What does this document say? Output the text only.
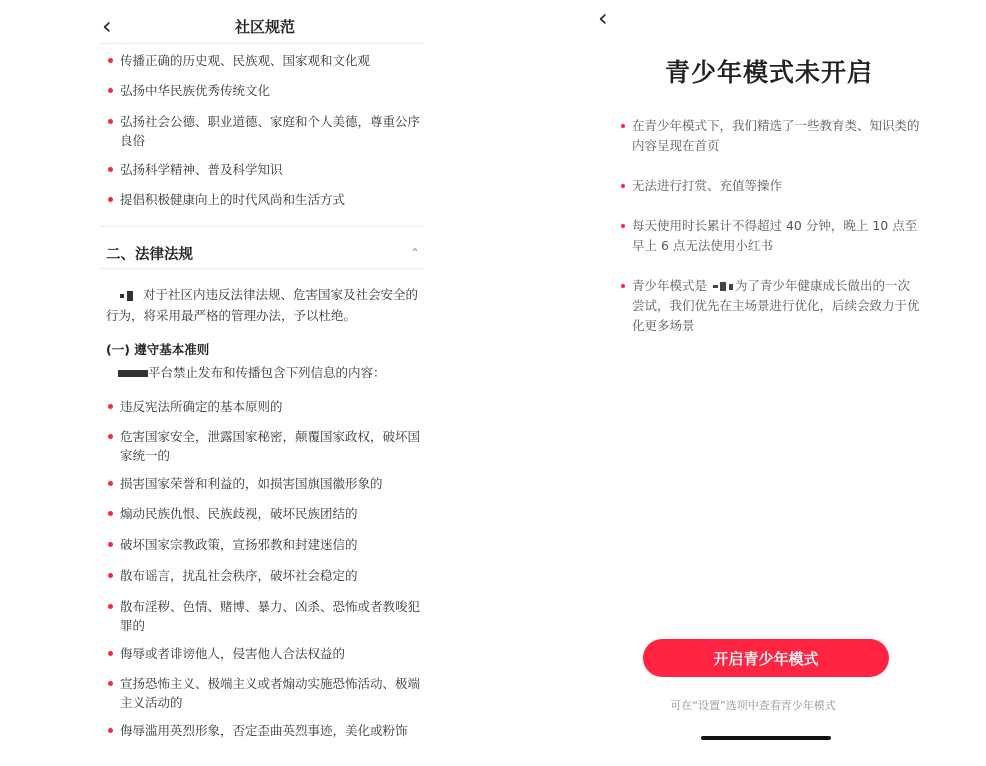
‹	社区规范
传播正确的历史观、民族观、国家观和文化观
弘扬中华民族优秀传统文化
弘扬社会公德、职业道德、家庭和个人美德，尊重公序良俗
弘扬科学精神、普及科学知识
提倡积极健康向上的时代风尚和生活方式
二、法律法规	⌃
对于社区内违反法律法规、危害国家及社会安全的行为，将采用最严格的管理办法，予以杜绝。
(一) 遵守基本准则
平台禁止发布和传播包含下列信息的内容：
违反宪法所确定的基本原则的
危害国家安全，泄露国家秘密，颠覆国家政权，破坏国家统一的
损害国家荣誉和利益的，如损害国旗国徽形象的
煽动民族仇恨、民族歧视，破坏民族团结的
破坏国家宗教政策，宣扬邪教和封建迷信的
散布谣言，扰乱社会秩序，破坏社会稳定的
散布淫秽、色情、赌博、暴力、凶杀、恐怖或者教唆犯罪的
侮辱或者诽谤他人，侵害他人合法权益的
宣扬恐怖主义、极端主义或者煽动实施恐怖活动、极端主义活动的
侮辱滥用英烈形象，否定歪曲英烈事迹，美化或粉饰
‹
青少年模式未开启
在青少年模式下，我们精选了一些教育类、知识类的内容呈现在首页
无法进行打赏、充值等操作
每天使用时长累计不得超过 40 分钟，晚上 10 点至早上 6 点无法使用小红书
青少年模式是 为了青少年健康成长做出的一次尝试，我们优先在主场景进行优化，后续会致力于优化更多场景
开启青少年模式
可在“设置”选项中查看青少年模式
